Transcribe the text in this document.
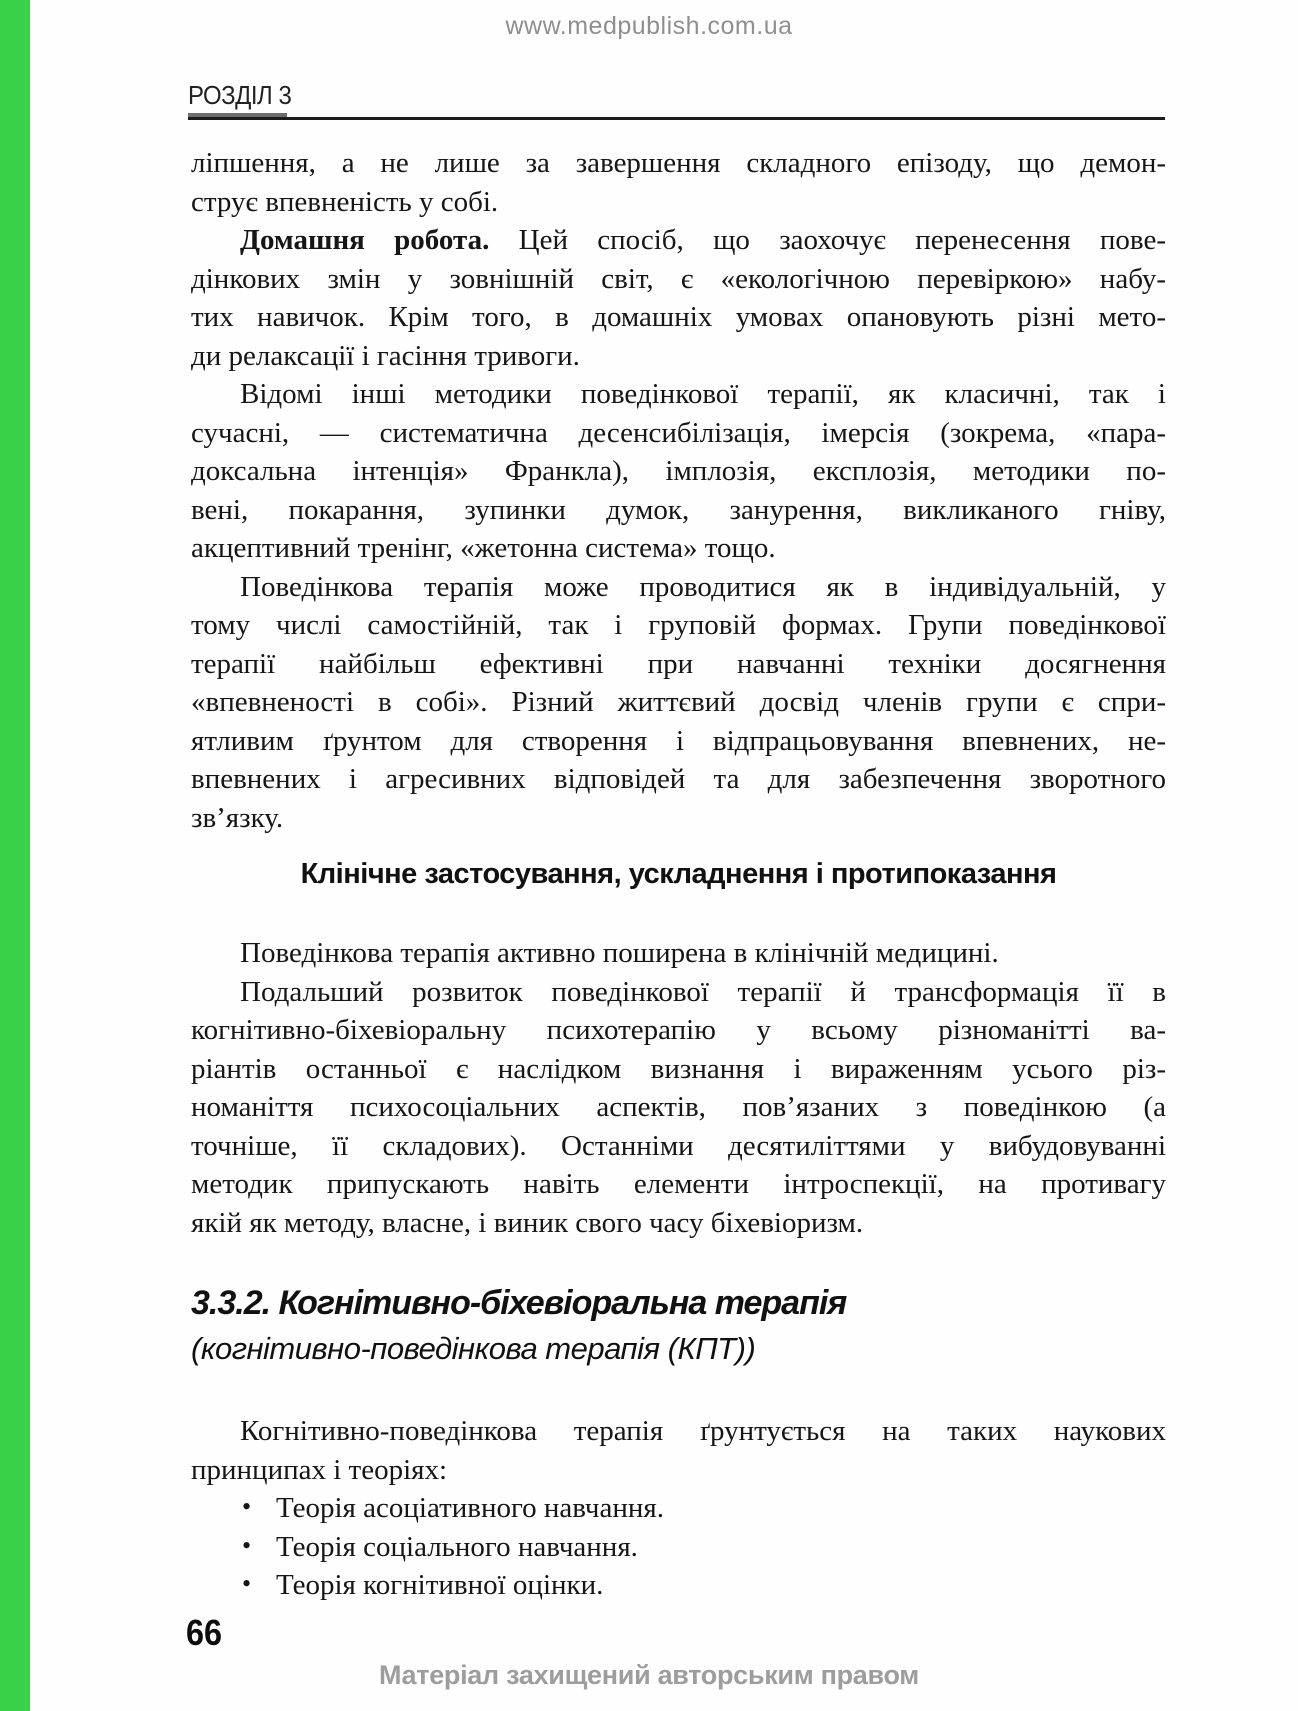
www.medpublish.com.ua
РОЗДІЛ 3
ліпшення, а не лише за завершення складного епізоду, що демон-
струє впевненість у собі.
Домашня робота. Цей спосіб, що заохочує перенесення пове-
дінкових змін у зовнішній світ, є «екологічною перевіркою» набу-
тих навичок. Крім того, в домашніх умовах опановують різні мето-
ди релаксації і гасіння тривоги.
Відомі інші методики поведінкової терапії, як класичні, так і
сучасні, — систематична десенсибілізація, імерсія (зокрема, «пара-
доксальна інтенція» Франкла), імплозія, експлозія, методики по-
вені, покарання, зупинки думок, занурення, викликаного гніву,
акцептивний тренінг, «жетонна система» тощо.
Поведінкова терапія може проводитися як в індивідуальній, у
тому числі самостійній, так і груповій формах. Групи поведінкової
терапії найбільш ефективні при навчанні техніки досягнення
«впевненості в собі». Різний життєвий досвід членів групи є спри-
ятливим ґрунтом для створення і відпрацьовування впевнених, не-
впевнених і агресивних відповідей та для забезпечення зворотного
зв’язку.
Клінічне застосування, ускладнення і протипоказання
Поведінкова терапія активно поширена в клінічній медицині.
Подальший розвиток поведінкової терапії й трансформація її в
когнітивно-біхевіоральну психотерапію у всьому різноманітті ва-
ріантів останньої є наслідком визнання і вираженням усього різ-
номаніття психосоціальних аспектів, пов’язаних з поведінкою (а
точніше, її складових). Останніми десятиліттями у вибудовуванні
методик припускають навіть елементи інтроспекції, на противагу
якій як методу, власне, і виник свого часу біхевіоризм.
3.3.2. Когнітивно-біхевіоральна терапія
(когнітивно-поведінкова терапія (КПТ))
Когнітивно-поведінкова терапія ґрунтується на таких наукових
принципах і теоріях:
• Теорія асоціативного навчання.
• Теорія соціального навчання.
• Теорія когнітивної оцінки.
66
Матеріал захищений авторським правом
